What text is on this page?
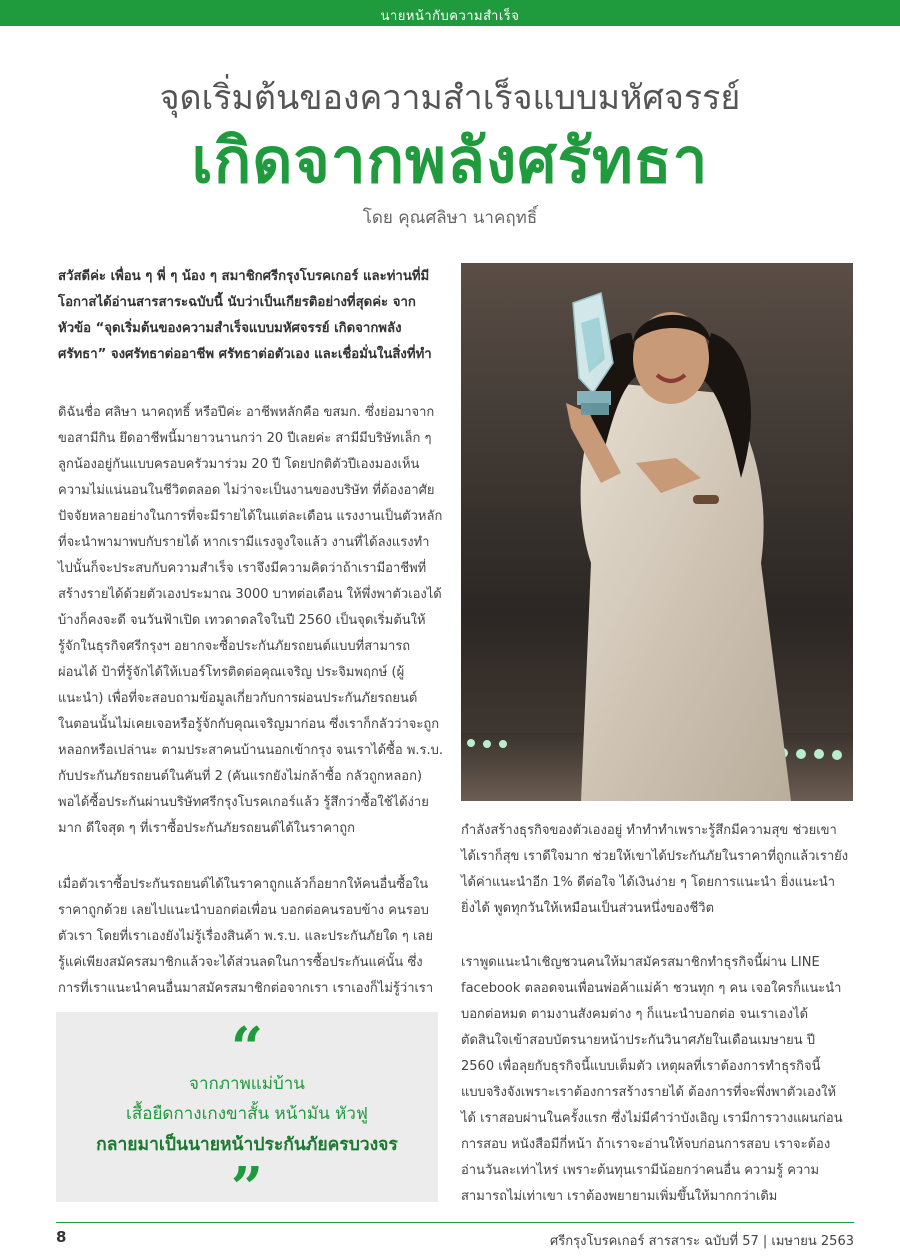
นายหน้ากับความสำเร็จ
จุดเริ่มต้นของความสำเร็จแบบมหัศจรรย์
เกิดจากพลังศรัทธา
โดย คุณศลิษา นาคฤทธิ์
สวัสดีค่ะ เพื่อน ๆ พี่ ๆ น้อง ๆ สมาชิกศรีกรุงโบรคเกอร์ และท่านที่มี
โอกาสได้อ่านสารสาระฉบับนี้ นับว่าเป็นเกียรติอย่างที่สุดค่ะ จาก
หัวข้อ “จุดเริ่มต้นของความสำเร็จแบบมหัศจรรย์ เกิดจากพลัง
ศรัทธา” จงศรัทธาต่ออาชีพ ศรัทธาต่อตัวเอง และเชื่อมั่นในสิ่งที่ทำ
ดิฉันชื่อ ศลิษา นาคฤทธิ์ หรือปีค่ะ อาชีพหลักคือ ขสมก. ซึ่งย่อมาจาก
ขอสามีกิน ยึดอาชีพนี้มายาวนานกว่า 20 ปีเลยค่ะ สามีมีบริษัทเล็ก ๆ
ลูกน้องอยู่กันแบบครอบครัวมาร่วม 20 ปี โดยปกติตัวปีเองมองเห็น
ความไม่แน่นอนในชีวิตตลอด ไม่ว่าจะเป็นงานของบริษัท ที่ต้องอาศัย
ปัจจัยหลายอย่างในการที่จะมีรายได้ในแต่ละเดือน แรงงานเป็นตัวหลัก
ที่จะนำพามาพบกับรายได้ หากเรามีแรงจูงใจแล้ว งานที่ได้ลงแรงทำ
ไปนั้นก็จะประสบกับความสำเร็จ เราจึงมีความคิดว่าถ้าเรามีอาชีพที่
สร้างรายได้ด้วยตัวเองประมาณ 3000 บาทต่อเดือน ให้พึ่งพาตัวเองได้
บ้างก็คงจะดี จนวันฟ้าเปิด เทวดาดลใจในปี 2560 เป็นจุดเริ่มต้นให้
รู้จักในธุรกิจศรีกรุงฯ อยากจะซื้อประกันภัยรถยนต์แบบที่สามารถ
ผ่อนได้ ป้าที่รู้จักได้ให้เบอร์โทรติดต่อคุณเจริญ ประจิมพฤกษ์ (ผู้
แนะนำ) เพื่อที่จะสอบถามข้อมูลเกี่ยวกับการผ่อนประกันภัยรถยนต์
ในตอนนั้นไม่เคยเจอหรือรู้จักกับคุณเจริญมาก่อน ซึ่งเราก็กลัวว่าจะถูก
หลอกหรือเปล่านะ ตามประสาคนบ้านนอกเข้ากรุง จนเราได้ซื้อ พ.ร.บ.
กับประกันภัยรถยนต์ในคันที่ 2 (คันแรกยังไม่กล้าซื้อ กลัวถูกหลอก)
พอได้ซื้อประกันผ่านบริษัทศรีกรุงโบรคเกอร์แล้ว รู้สึกว่าซื้อใช้ได้ง่าย
มาก ดีใจสุด ๆ ที่เราซื้อประกันภัยรถยนต์ได้ในราคาถูก
เมื่อตัวเราซื้อประกันรถยนต์ได้ในราคาถูกแล้วก็อยากให้คนอื่นซื้อใน
ราคาถูกด้วย เลยไปแนะนำบอกต่อเพื่อน บอกต่อคนรอบข้าง คนรอบ
ตัวเรา โดยที่เราเองยังไม่รู้เรื่องสินค้า พ.ร.บ. และประกันภัยใด ๆ เลย
รู้แค่เพียงสมัครสมาชิกแล้วจะได้ส่วนลดในการซื้อประกันแค่นั้น ซึ่ง
การที่เราแนะนำคนอื่นมาสมัครสมาชิกต่อจากเรา เราเองก็ไม่รู้ว่าเรา
กำลังสร้างธุรกิจของตัวเองอยู่ ทำทำทำเพราะรู้สึกมีความสุข ช่วยเขา
ได้เราก็สุข เราดีใจมาก ช่วยให้เขาได้ประกันภัยในราคาที่ถูกแล้วเรายัง
ได้ค่าแนะนำอีก 1% ดีต่อใจ ได้เงินง่าย ๆ โดยการแนะนำ ยิ่งแนะนำ
ยิ่งได้ พูดทุกวันให้เหมือนเป็นส่วนหนึ่งของชีวิต
เราพูดแนะนำเชิญชวนคนให้มาสมัครสมาชิกทำธุรกิจนี้ผ่าน LINE
facebook ตลอดจนเพื่อนพ่อค้าแม่ค้า ชวนทุก ๆ คน เจอใครก็แนะนำ
บอกต่อหมด ตามงานสังคมต่าง ๆ ก็แนะนำบอกต่อ จนเราเองได้
ตัดสินใจเข้าสอบบัตรนายหน้าประกันวินาศภัยในเดือนเมษายน ปี
2560 เพื่อลุยกับธุรกิจนี้แบบเต็มตัว เหตุผลที่เราต้องการทำธุรกิจนี้
แบบจริงจังเพราะเราต้องการสร้างรายได้ ต้องการที่จะพึ่งพาตัวเองให้
ได้ เราสอบผ่านในครั้งแรก ซึ่งไม่มีคำว่าบังเอิญ เรามีการวางแผนก่อน
การสอบ หนังสือมีกี่หน้า ถ้าเราจะอ่านให้จบก่อนการสอบ เราจะต้อง
อ่านวันละเท่าไหร่ เพราะต้นทุนเรามีน้อยกว่าคนอื่น ความรู้ ความ
สามารถไม่เท่าเขา เราต้องพยายามเพิ่มขึ้นให้มากกว่าเดิม
“
จากภาพแม่บ้าน
เสื้อยืดกางเกงขาสั้น หน้ามัน หัวฟู
กลายมาเป็นนายหน้าประกันภัยครบวงจร
”
8	ศรีกรุงโบรคเกอร์ สารสาระ ฉบับที่ 57 | เมษายน 2563
